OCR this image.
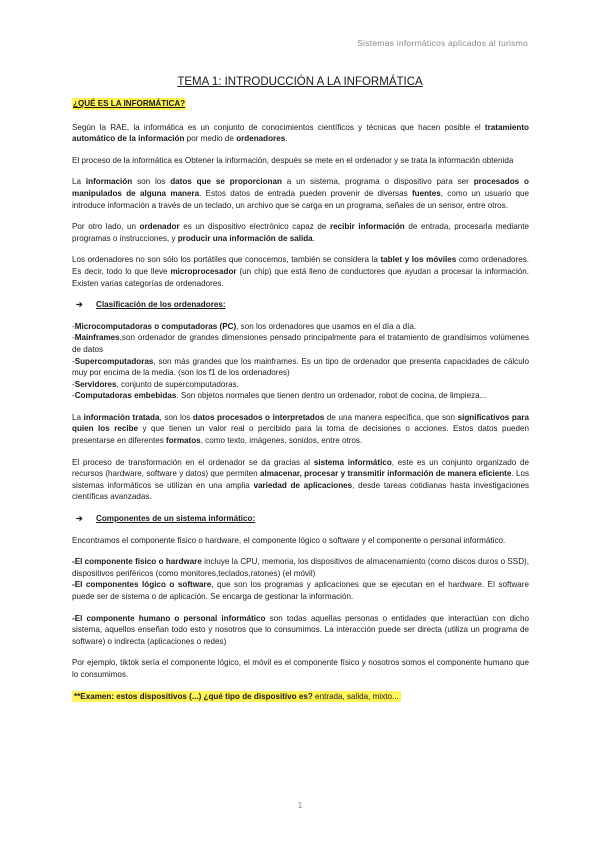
Sistemas informáticos aplicados al turismo
TEMA 1: INTRODUCCIÓN A LA INFORMÁTICA
¿QUÉ ES LA INFORMÁTICA?

Según la RAE, la informática es un conjunto de conocimientos científicos y técnicas que hacen posible el tratamiento automático de la información por medio de ordenadores.

El proceso de la informática es Obtener la información, después se mete en el ordenador y se trata la información obtenida

La información son los datos que se proporcionan a un sistema, programa o dispositivo para ser procesados o manipulados de alguna manera. Estos datos de entrada pueden provenir de diversas fuentes, como un usuario que introduce información a través de un teclado, un archivo que se carga en un programa, señales de un sensor, entre otros.

Por otro lado, un ordenador es un dispositivo electrónico capaz de recibir información de entrada, procesarla mediante programas o instrucciones, y producir una información de salida.

Los ordenadores no son sólo los portátiles que conocemos, también se considera la tablet y los móviles como ordenadores. Es decir, todo lo que lleve microprocesador (un chip) que está lleno de conductores que ayudan a procesar la información. Existen varias categorías de ordenadores.

➔ Clasificación de los ordenadores:
-Microcomputadoras o computadoras (PC), son los ordenadores que usamos en el día a día.
-Mainframes,son ordenador de grandes dimensiones pensado principalmente para el tratamiento de grandísimos volúmenes de datos
-Supercomputadoras, son más grandes que los mainframes. Es un tipo de ordenador que presenta capacidades de cálculo muy por encima de la media. (son los f1 de los ordenadores)
-Servidores, conjunto de supercomputadoras.
-Computadoras embebidas. Son objetos normales que tienen dentro un ordenador, robot de cocina, de limpieza...

La información tratada, son los datos procesados o interpretados de una manera específica, que son significativos para quien los recibe y que tienen un valor real o percibido para la toma de decisiones o acciones. Estos datos pueden presentarse en diferentes formatos, como texto, imágenes, sonidos, entre otros.

El proceso de transformación en el ordenador se da gracias al sistema informático, este es un conjunto organizado de recursos (hardware, software y datos) que permiten almacenar, procesar y transmitir información de manera eficiente. Los sistemas informáticos se utilizan en una amplia variedad de aplicaciones, desde tareas cotidianas hasta investigaciones científicas avanzadas.

➔ Componentes de un sistema informático:

Encontramos el componente físico o hardware, el componente lógico o software y el componente o personal informático.

-El componente físico o hardware incluye la CPU, memoria, los dispositivos de almacenamiento (como discos duros o SSD), dispositivos periféricos (como monitores,teclados,ratones) (el móvil)
-El componentes lógico o software, que son los programas y aplicaciones que se ejecutan en el hardware. El software puede ser de sistema o de aplicación. Se encarga de gestionar la información.

-El componente humano o personal informático son todas aquellas personas o entidades que interactúan con dicho sistema, aquellos enseñan todo esto y nosotros que lo consumimos. La interacción puede ser directa (utiliza un programa de software) o indirecta (aplicaciones o redes)

Por ejemplo, tiktok sería el componente lógico, el móvil es el componente físico y nosotros somos el componente humano que lo consumimos.

**Examen: estos dispositivos (...) ¿qué tipo de dispositivo es? entrada, salida, mixto...

1
